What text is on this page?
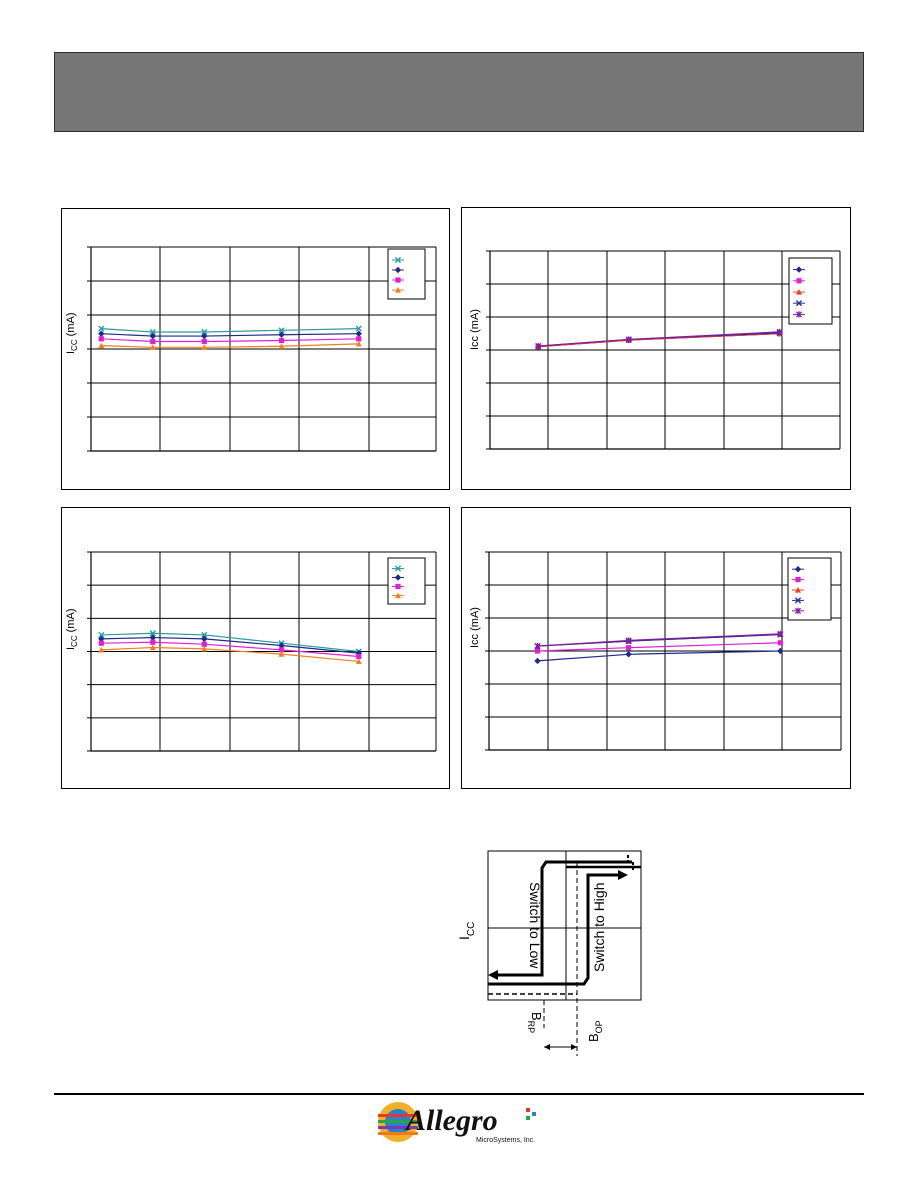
$I_{CC}$ (mA)
Icc (mA)
$I_{CC}$ (mA)
Icc (mA)
$I_{CC}$	Switch to Low	Switch to High
$B_{RP}$
$B_{OP}$
Allegro
MicroSystems, Inc.
